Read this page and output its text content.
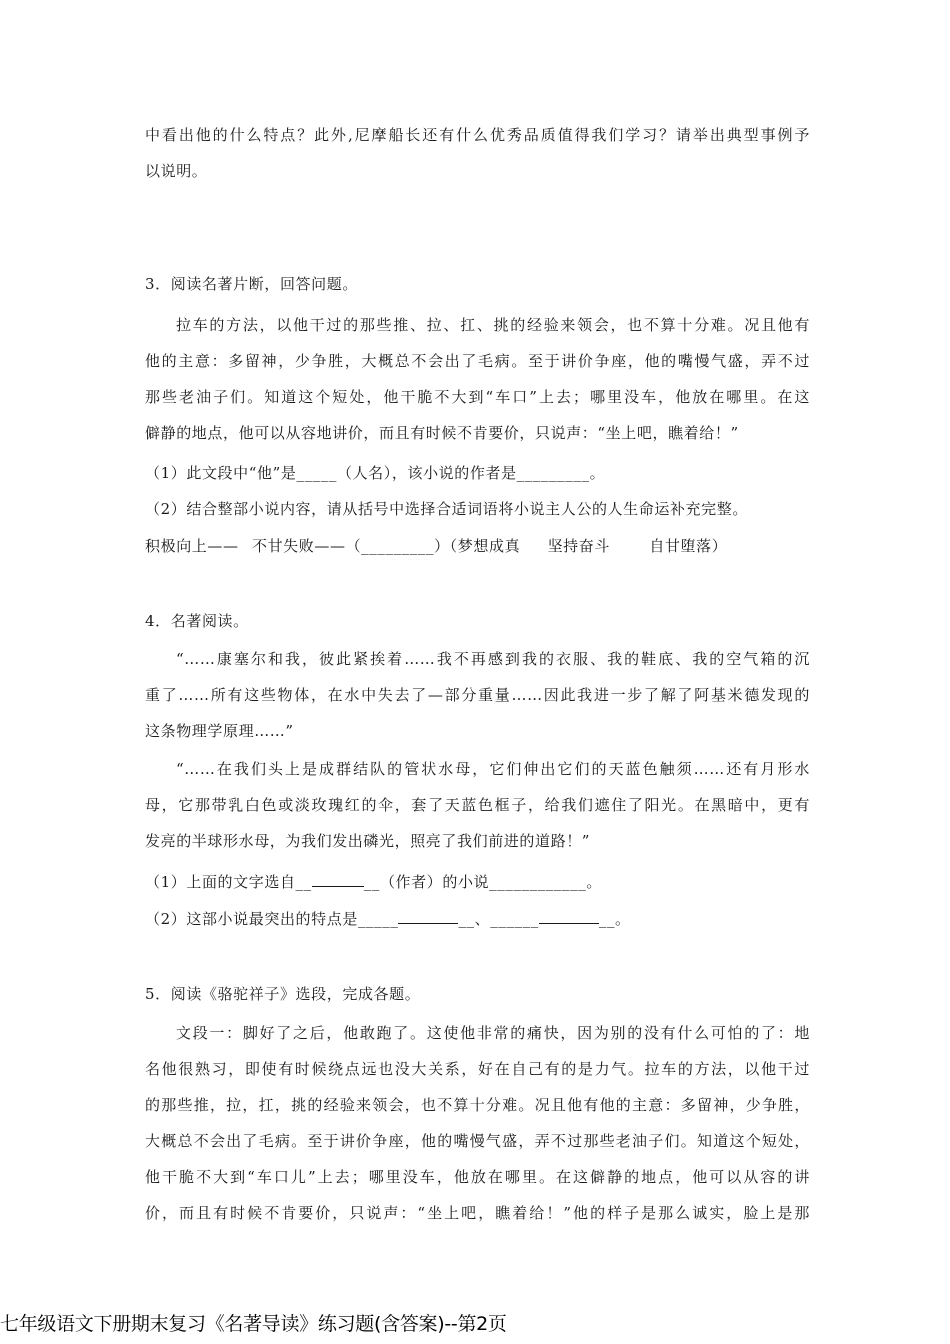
中看出他的什么特点？此外,尼摩船长还有什么优秀品质值得我们学习？请举出典型事例予
以说明。
3．阅读名著片断，回答问题。
拉车的方法，以他干过的那些推、拉、扛、挑的经验来领会，也不算十分难。况且他有
他的主意：多留神，少争胜，大概总不会出了毛病。至于讲价争座，他的嘴慢气盛，弄不过
那些老油子们。知道这个短处，他干脆不大到“车口”上去；哪里没车，他放在哪里。在这
僻静的地点，他可以从容地讲价，而且有时候不肯要价，只说声：“坐上吧，瞧着给！”
（1）此文段中“他”是_____（人名），该小说的作者是_________。
（2）结合整部小说内容，请从括号中选择合适词语将小说主人公的人生命运补充完整。
积极向上—— 不甘失败——（_________）（梦想成真 坚持奋斗	自甘堕落）
4．名著阅读。
“……康塞尔和我，彼此紧挨着……我不再感到我的衣服、我的鞋底、我的空气箱的沉
重了……所有这些物体，在水中失去了—部分重量……因此我进一步了解了阿基米德发现的
这条物理学原理……”
“……在我们头上是成群结队的管状水母，它们伸出它们的天蓝色触须……还有月形水
母，它那带乳白色或淡玫瑰红的伞，套了天蓝色框子，给我们遮住了阳光。在黑暗中，更有
发亮的半球形水母，为我们发出磷光，照亮了我们前进的道路！”
（1）上面的文字选自__	__（作者）的小说____________。
（2）这部小说最突出的特点是_____	__、______	__。
5．阅读《骆驼祥子》选段，完成各题。
文段一：脚好了之后，他敢跑了。这使他非常的痛快，因为别的没有什么可怕的了：地
名他很熟习，即使有时候绕点远也没大关系，好在自己有的是力气。拉车的方法，以他干过
的那些推，拉，扛，挑的经验来领会，也不算十分难。况且他有他的主意：多留神，少争胜，
大概总不会出了毛病。至于讲价争座，他的嘴慢气盛，弄不过那些老油子们。知道这个短处，
他干脆不大到“车口儿”上去；哪里没车，他放在哪里。在这僻静的地点，他可以从容的讲
价，而且有时候不肯要价，只说声：“坐上吧，瞧着给！”他的样子是那么诚实，脸上是那
七年级语文下册期末复习《名著导读》练习题(含答案)--第2页
